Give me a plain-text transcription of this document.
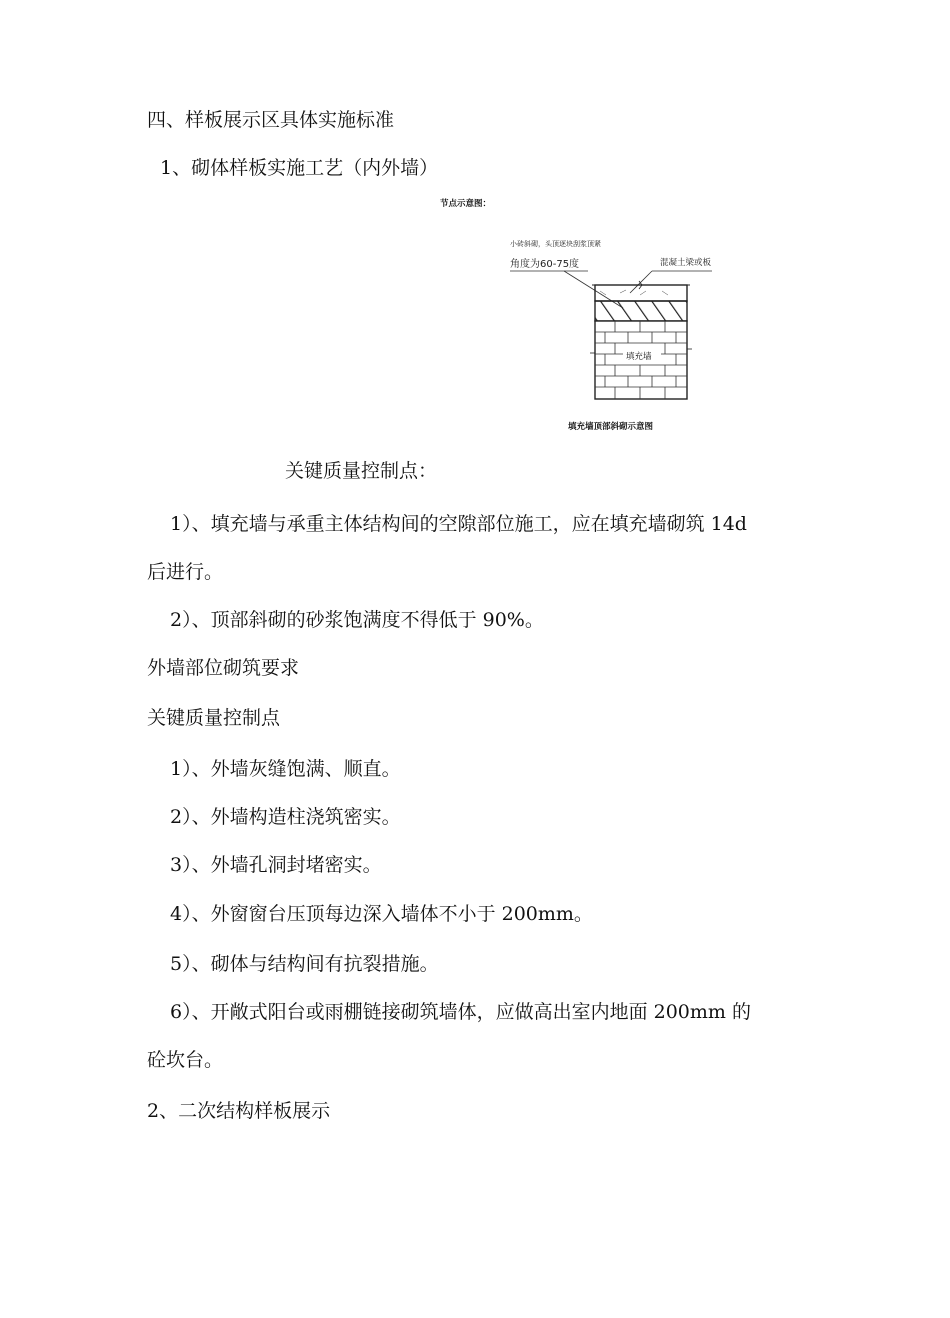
四、样板展示区具体实施标准
1、砌体样板实施工艺（内外墙）
节点示意图：
小砖斜砌，头顶逐块刮浆顶紧
角度为60-75度	混凝土梁或板
填充墙
填充墙顶部斜砌示意图
关键质量控制点：
1）、填充墙与承重主体结构间的空隙部位施工，应在填充墙砌筑 14d
后进行。
2）、顶部斜砌的砂浆饱满度不得低于 90%。
外墙部位砌筑要求
关键质量控制点
1）、外墙灰缝饱满、顺直。
2）、外墙构造柱浇筑密实。
3）、外墙孔洞封堵密实。
4）、外窗窗台压顶每边深入墙体不小于 200mm。
5）、砌体与结构间有抗裂措施。
6）、开敞式阳台或雨棚链接砌筑墙体，应做高出室内地面 200mm 的
砼坎台。
2、二次结构样板展示
